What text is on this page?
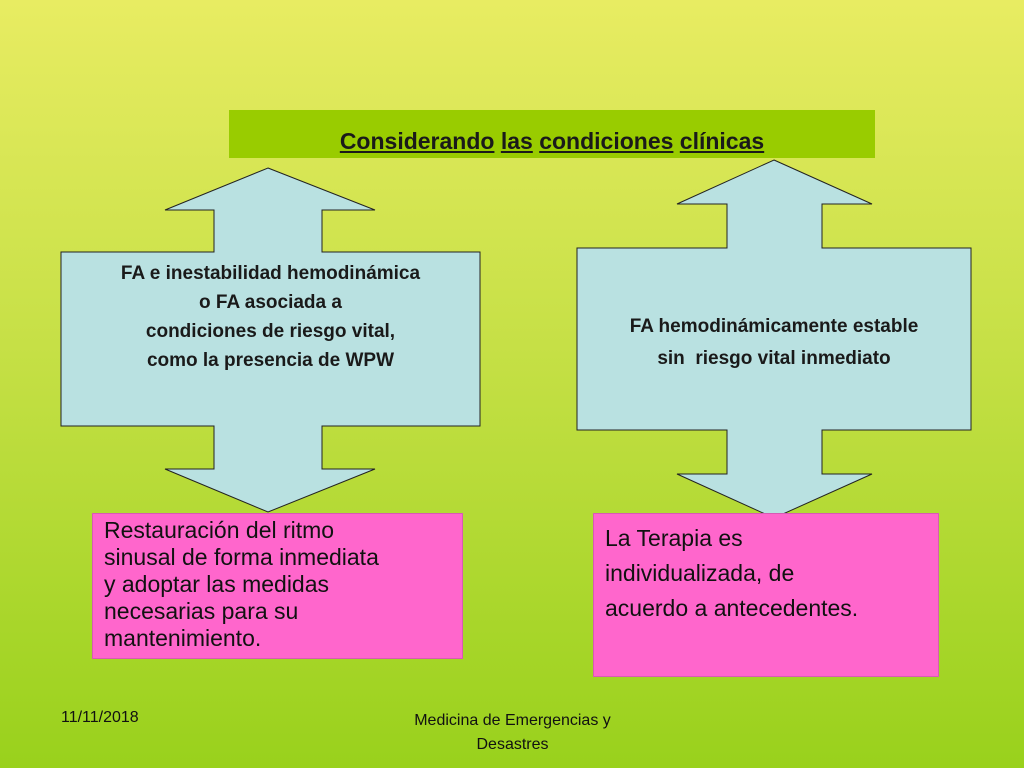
Considerando las condiciones clínicas
FA e inestabilidad hemodinámica
o FA asociada a
condiciones de riesgo vital,
como la presencia de WPW
FA hemodinámicamente estable
sin  riesgo vital inmediato
Restauración del ritmo
sinusal de forma inmediata
y adoptar las medidas
necesarias para su
mantenimiento.
La Terapia es
individualizada, de
acuerdo a antecedentes.
11/11/2018	Medicina de Emergencias y
Desastres
